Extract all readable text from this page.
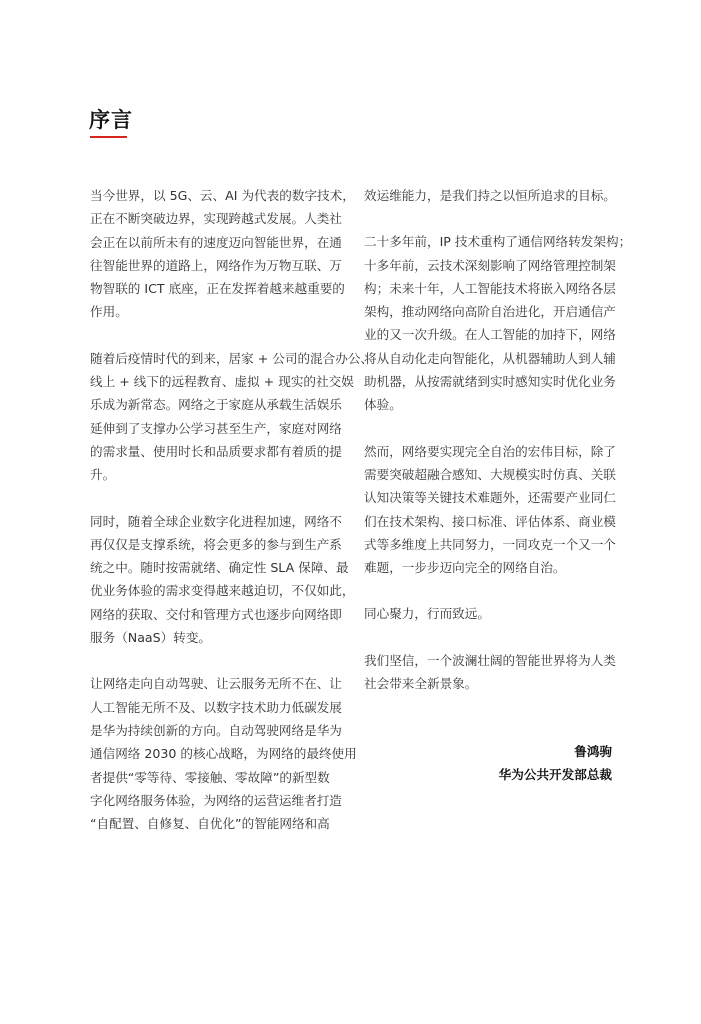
序言

当今世界，以 5G、云、AI 为代表的数字技术，
正在不断突破边界，实现跨越式发展。人类社
会正在以前所未有的速度迈向智能世界，在通
往智能世界的道路上，网络作为万物互联、万
物智联的 ICT 底座，正在发挥着越来越重要的
作用。

随着后疫情时代的到来，居家 + 公司的混合办公、
线上 + 线下的远程教育、虚拟 + 现实的社交娱
乐成为新常态。网络之于家庭从承载生活娱乐
延伸到了支撑办公学习甚至生产，家庭对网络
的需求量、使用时长和品质要求都有着质的提
升。

同时，随着全球企业数字化进程加速，网络不
再仅仅是支撑系统，将会更多的参与到生产系
统之中。随时按需就绪、确定性 SLA 保障、最
优业务体验的需求变得越来越迫切，不仅如此，
网络的获取、交付和管理方式也逐步向网络即
服务（NaaS）转变。

让网络走向自动驾驶、让云服务无所不在、让
人工智能无所不及、以数字技术助力低碳发展
是华为持续创新的方向。自动驾驶网络是华为
通信网络 2030 的核心战略，为网络的最终使用
者提供“零等待、零接触、零故障”的新型数
字化网络服务体验，为网络的运营运维者打造
“自配置、自修复、自优化”的智能网络和高

效运维能力，是我们持之以恒所追求的目标。

二十多年前，IP 技术重构了通信网络转发架构；
十多年前，云技术深刻影响了网络管理控制架
构；未来十年，人工智能技术将嵌入网络各层
架构，推动网络向高阶自治进化，开启通信产
业的又一次升级。在人工智能的加持下，网络
将从自动化走向智能化，从机器辅助人到人辅
助机器，从按需就绪到实时感知实时优化业务
体验。

然而，网络要实现完全自治的宏伟目标，除了
需要突破超融合感知、大规模实时仿真、关联
认知决策等关键技术难题外，还需要产业同仁
们在技术架构、接口标准、评估体系、商业模
式等多维度上共同努力，一同攻克一个又一个
难题，一步步迈向完全的网络自治。

同心聚力，行而致远。

我们坚信，一个波澜壮阔的智能世界将为人类
社会带来全新景象。

鲁鸿驹
华为公共开发部总裁
